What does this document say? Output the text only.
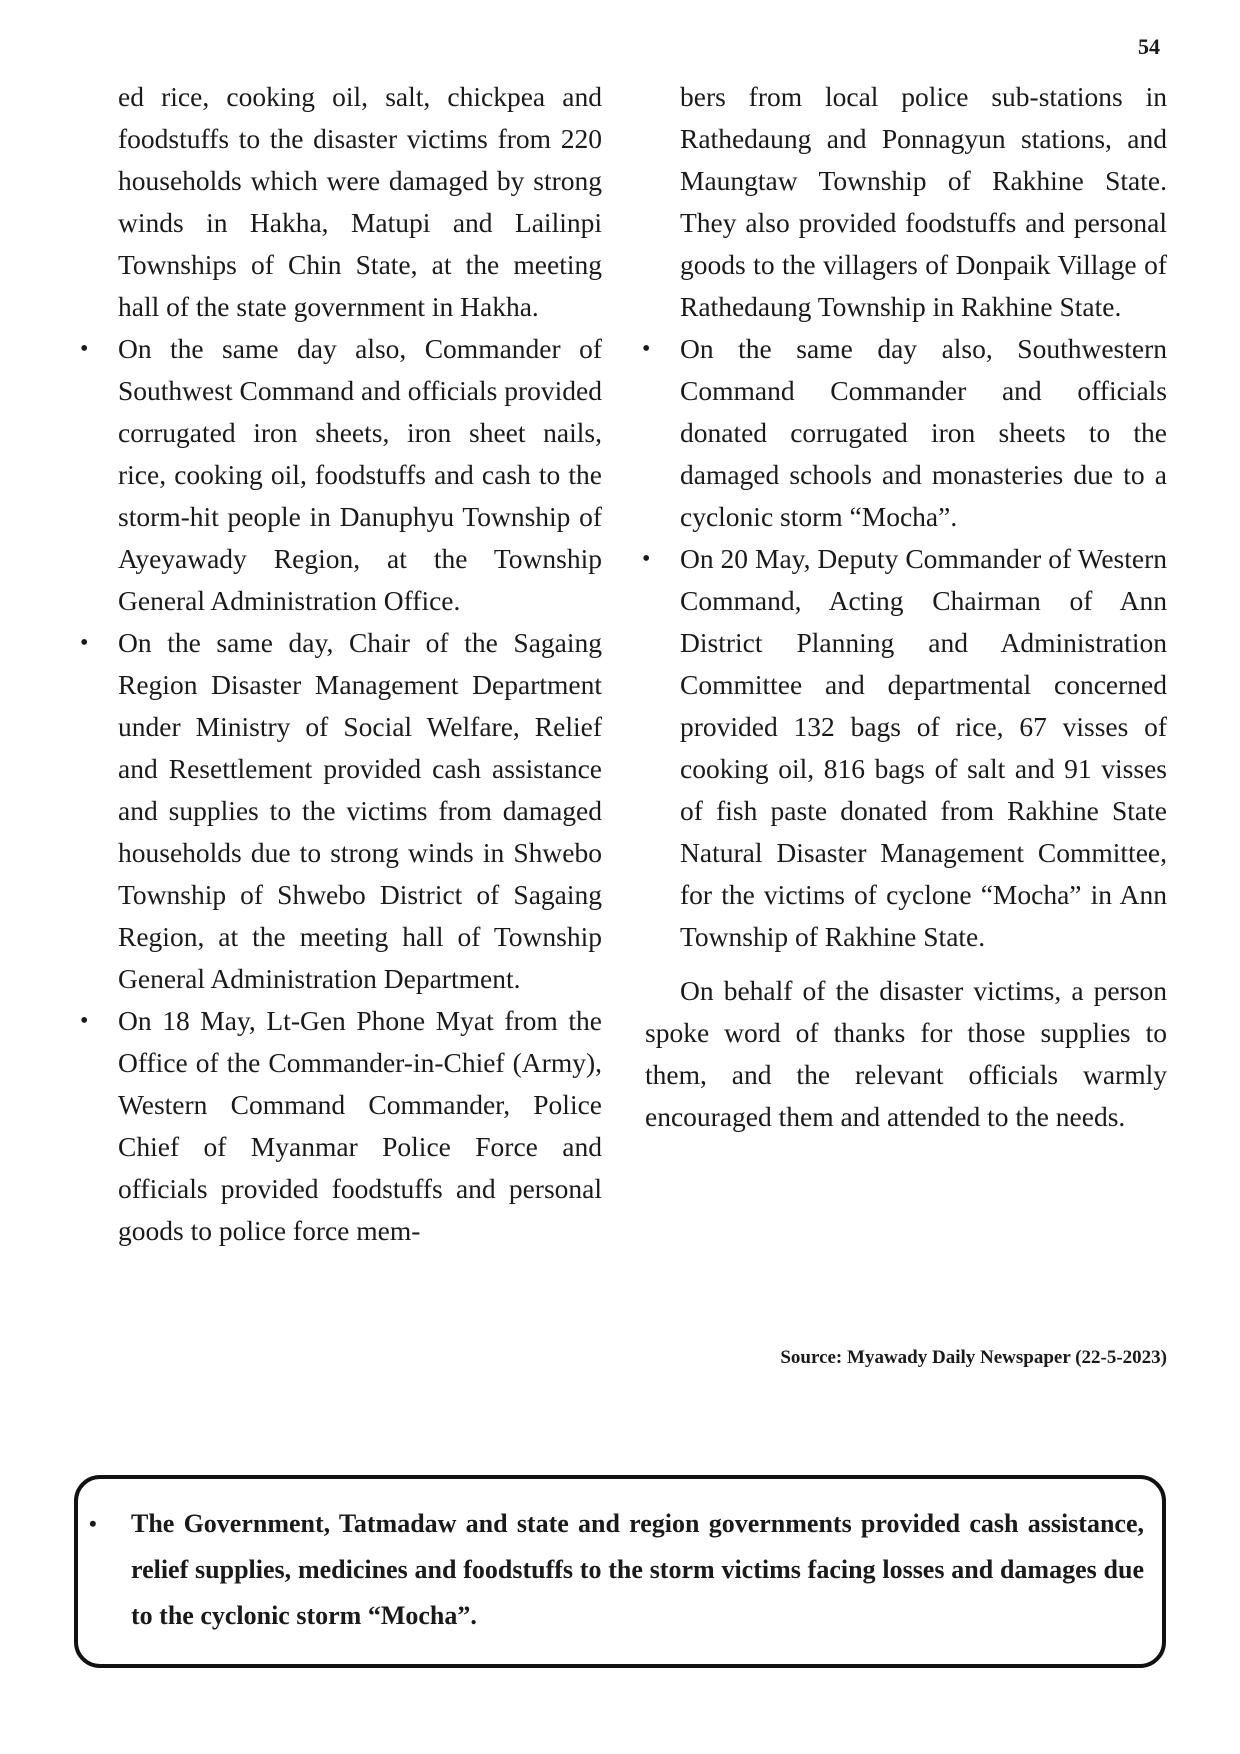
54

ed rice, cooking oil, salt, chickpea and foodstuffs to the disaster victims from 220 households which were damaged by strong winds in Hakha, Matupi and Lailinpi Townships of Chin State, at the meeting hall of the state government in Hakha.

• On the same day also, Commander of Southwest Command and officials provided corrugated iron sheets, iron sheet nails, rice, cooking oil, foodstuffs and cash to the storm-hit people in Danuphyu Township of Ayeyawady Region, at the Township General Administration Office.

• On the same day, Chair of the Sagaing Region Disaster Management Department under Ministry of Social Welfare, Relief and Resettlement provided cash assistance and supplies to the victims from damaged households due to strong winds in Shwebo Township of Shwebo District of Sagaing Region, at the meeting hall of Township General Administration Department.

• On 18 May, Lt-Gen Phone Myat from the Office of the Commander-in-Chief (Army), Western Command Commander, Police Chief of Myanmar Police Force and officials provided foodstuffs and personal goods to police force mem-

bers from local police sub-stations in Rathedaung and Ponnagyun stations, and Maungtaw Township of Rakhine State. They also provided foodstuffs and personal goods to the villagers of Donpaik Village of Rathedaung Township in Rakhine State.

• On the same day also, Southwestern Command Commander and officials donated corrugated iron sheets to the damaged schools and monasteries due to a cyclonic storm “Mocha”.

• On 20 May, Deputy Commander of Western Command, Acting Chairman of Ann District Planning and Administration Committee and departmental concerned provided 132 bags of rice, 67 visses of cooking oil, 816 bags of salt and 91 visses of fish paste donated from Rakhine State Natural Disaster Management Committee, for the victims of cyclone “Mocha” in Ann Township of Rakhine State.

On behalf of the disaster victims, a person spoke word of thanks for those supplies to them, and the relevant officials warmly encouraged them and attended to the needs.

Source: Myawady Daily Newspaper (22-5-2023)
• The Government, Tatmadaw and state and region governments provided cash assistance, relief supplies, medicines and foodstuffs to the storm victims facing losses and damages due to the cyclonic storm “Mocha”.
